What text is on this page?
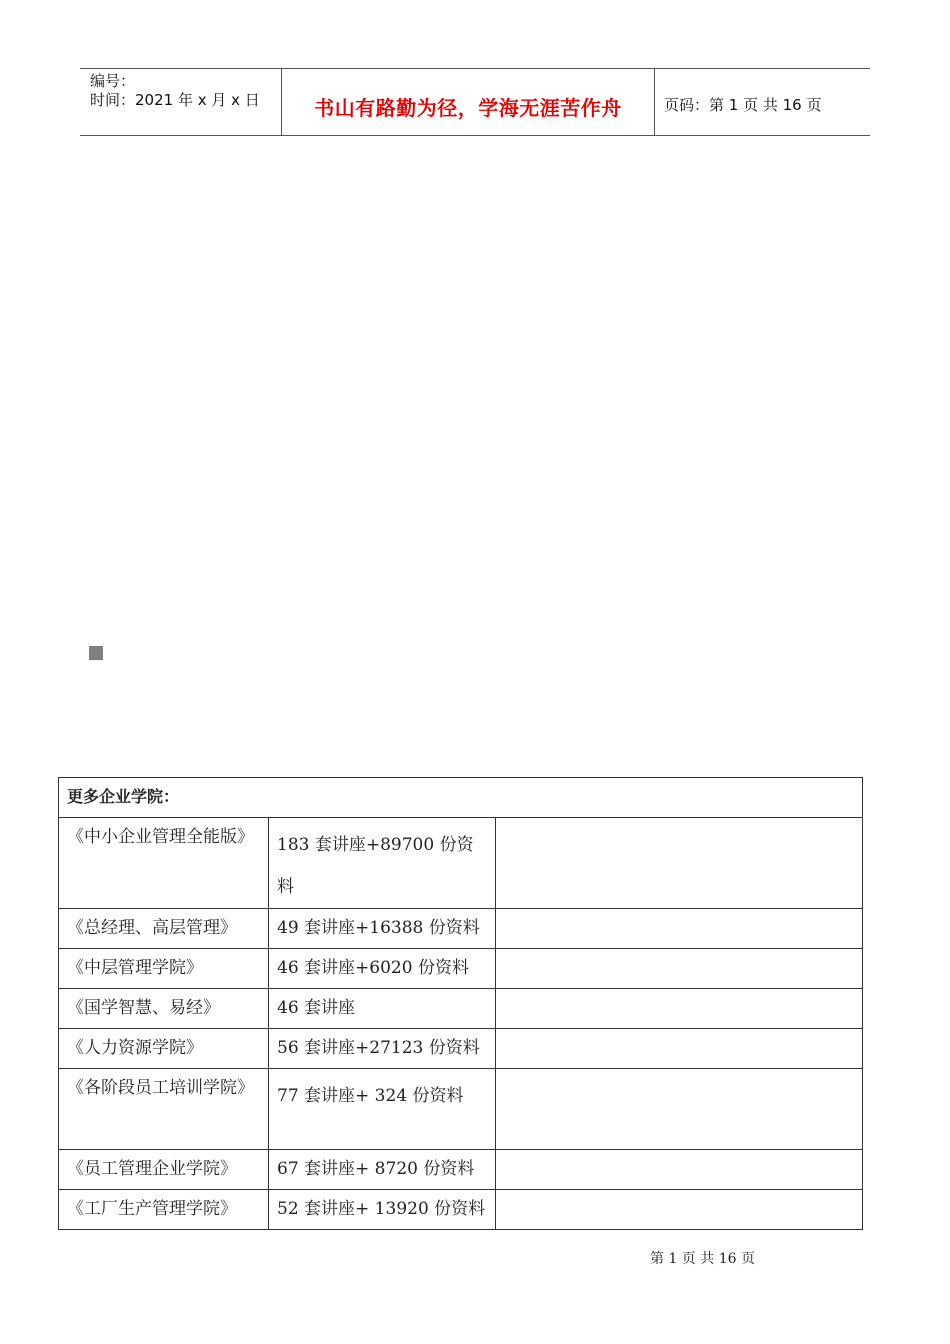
编号：
时间：2021 年 x 月 x 日	书山有路勤为径，学海无涯苦作舟	页码：第 1 页 共 16 页
更多企业学院：		

《中小企业管理全能版》	183 套讲座+89700 份资料	

《总经理、高层管理》	49 套讲座+16388 份资料	

《中层管理学院》	46 套讲座+6020 份资料	

《国学智慧、易经》	46 套讲座	

《人力资源学院》	56 套讲座+27123 份资料	

《各阶段员工培训学院》	77 套讲座+ 324 份资料	

《员工管理企业学院》	67 套讲座+ 8720 份资料	

《工厂生产管理学院》	52 套讲座+ 13920 份资料	
第 1 页 共 16 页
